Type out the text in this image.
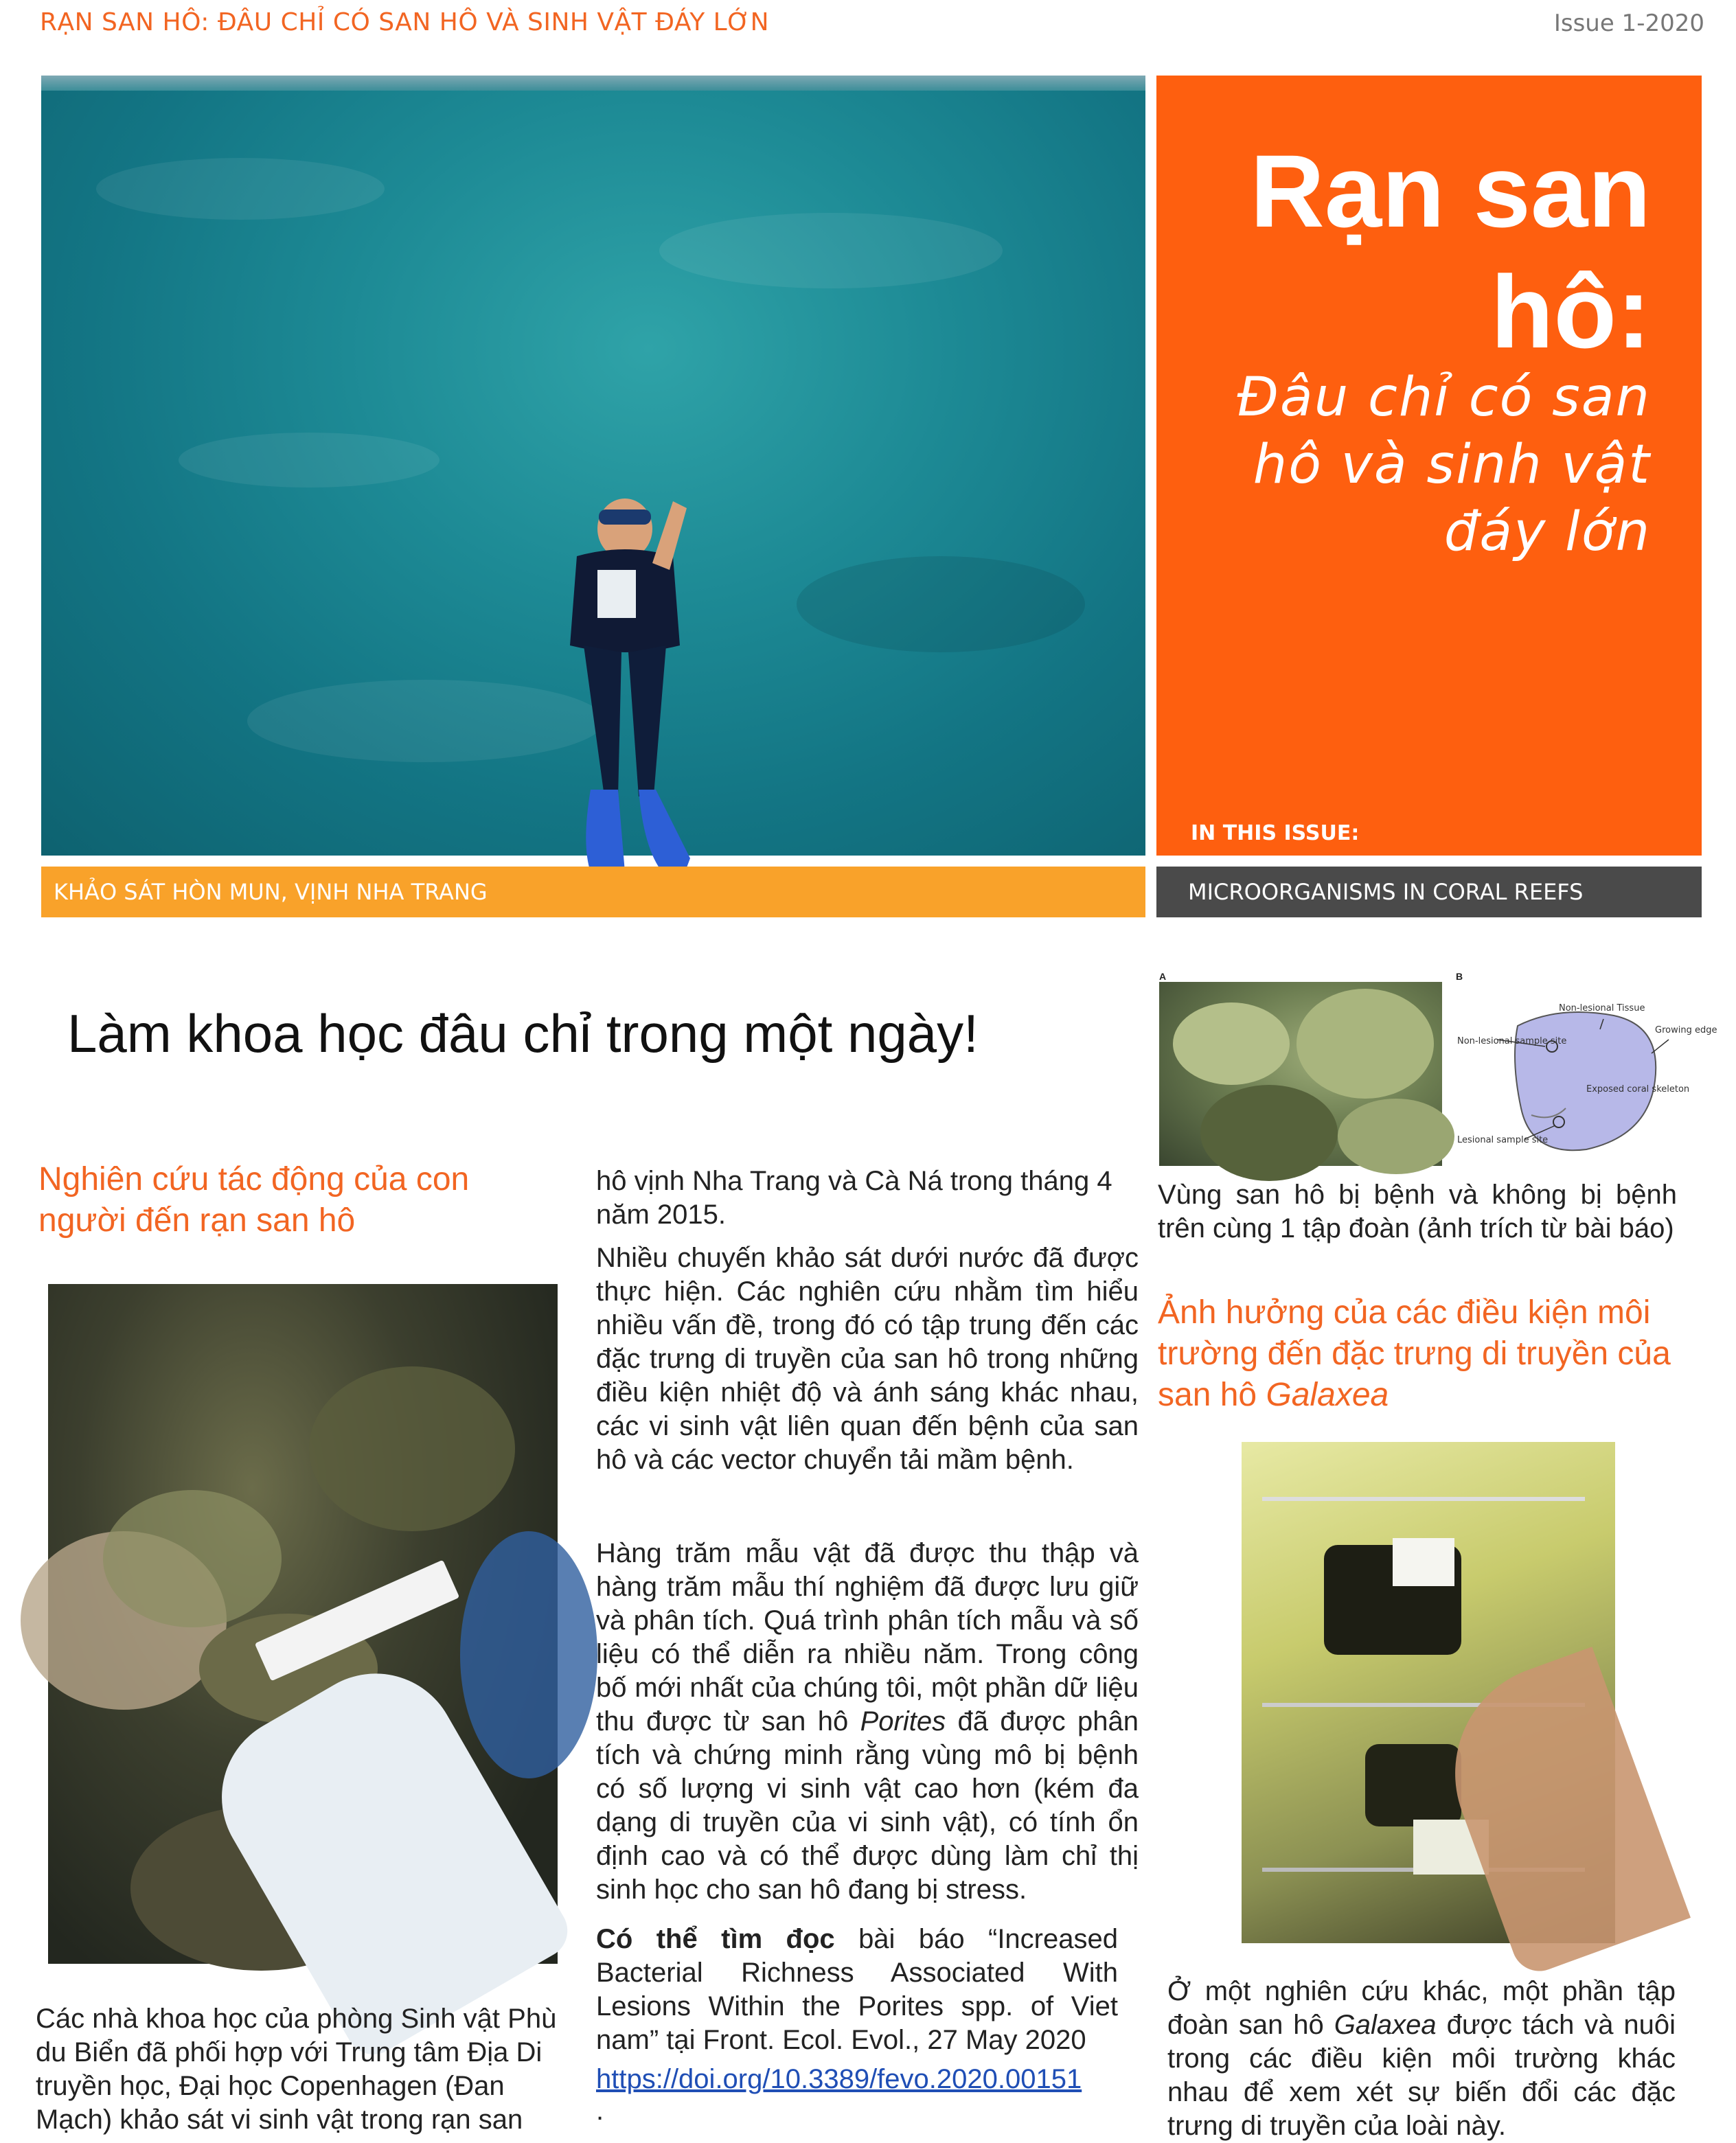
RẠN SAN HÔ: ĐÂU CHỈ CÓ SAN HÔ VÀ SINH VẬT ĐÁY LỚN	Issue 1-2020
Rạn san hô:
Đâu chỉ có san hô và sinh vật đáy lớn
IN THIS ISSUE:
KHẢO SÁT HÒN MUN, VỊNH NHA TRANG	MICROORGANISMS IN CORAL REEFS
Làm khoa học đâu chỉ trong một ngày!
Nghiên cứu tác động của con người đến rạn san hô
Các nhà khoa học của phòng Sinh vật Phù du Biển đã phối hợp với Trung tâm Địa Di truyền học, Đại học Copenhagen (Đan Mạch) khảo sát vi sinh vật trong rạn san
hô vịnh Nha Trang và Cà Ná trong tháng 4 năm 2015.
Nhiều chuyến khảo sát dưới nước đã được thực hiện. Các nghiên cứu nhằm tìm hiểu nhiều vấn đề, trong đó có tập trung đến các đặc trưng di truyền của san hô trong những điều kiện nhiệt độ và ánh sáng khác nhau, các vi sinh vật liên quan đến bệnh của san hô và các vector chuyển tải mầm bệnh.
Hàng trăm mẫu vật đã được thu thập và hàng trăm mẫu thí nghiệm đã được lưu giữ và phân tích. Quá trình phân tích mẫu và số liệu có thể diễn ra nhiều năm. Trong công bố mới nhất của chúng tôi, một phần dữ liệu thu được từ san hô Porites đã được phân tích và chứng minh rằng vùng mô bị bệnh có số lượng vi sinh vật cao hơn (kém đa dạng di truyền của vi sinh vật), có tính ổn định cao và có thể được dùng làm chỉ thị sinh học cho san hô đang bị stress.
Có thể tìm đọc bài báo “Increased Bacterial Richness Associated With Lesions Within the Porites spp. of Viet nam” tại Front. Ecol. Evol., 27 May 2020
https://doi.org/10.3389/fevo.2020.00151
.
A	B
Non-lesional sample site
Non-lesional Tissue
Growing edge
Exposed coral skeleton
Lesional sample site
Vùng san hô bị bệnh và không bị bệnh trên cùng 1 tập đoàn (ảnh trích từ bài báo)
Ảnh hưởng của các điều kiện môi trường đến đặc trưng di truyền của san hô Galaxea
Ở một nghiên cứu khác, một phần tập đoàn san hô Galaxea được tách và nuôi trong các điều kiện môi trường khác nhau để xem xét sự biến đổi các đặc trưng di truyền của loài này.
